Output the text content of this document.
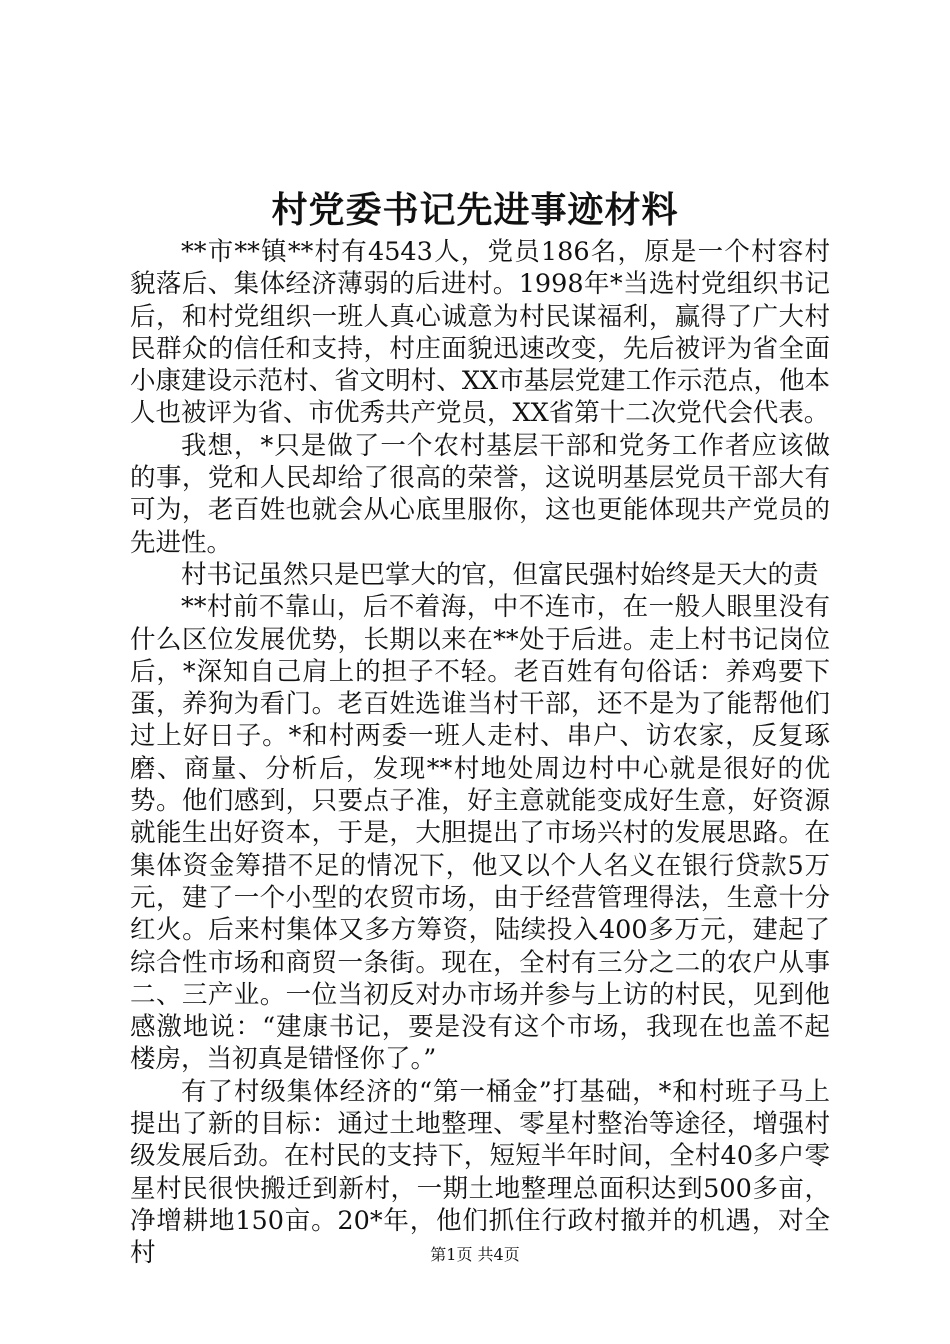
村党委书记先进事迹材料

**市**镇**村有4543人，党员186名，原是一个村容村貌落后、集体经济薄弱的后进村。1998年*当选村党组织书记后，和村党组织一班人真心诚意为村民谋福利，赢得了广大村民群众的信任和支持，村庄面貌迅速改变，先后被评为省全面小康建设示范村、省文明村、XX市基层党建工作示范点，他本人也被评为省、市优秀共产党员，XX省第十二次党代会代表。

我想，*只是做了一个农村基层干部和党务工作者应该做的事，党和人民却给了很高的荣誉，这说明基层党员干部大有可为，老百姓也就会从心底里服你，这也更能体现共产党员的先进性。

村书记虽然只是巴掌大的官，但富民强村始终是天大的责

**村前不靠山，后不着海，中不连市，在一般人眼里没有什么区位发展优势，长期以来在**处于后进。走上村书记岗位后，*深知自己肩上的担子不轻。老百姓有句俗话：养鸡要下蛋，养狗为看门。老百姓选谁当村干部，还不是为了能帮他们过上好日子。*和村两委一班人走村、串户、访农家，反复琢磨、商量、分析后，发现**村地处周边村中心就是很好的优势。他们感到，只要点子准，好主意就能变成好生意，好资源就能生出好资本，于是，大胆提出了市场兴村的发展思路。在集体资金筹措不足的情况下，他又以个人名义在银行贷款5万元，建了一个小型的农贸市场，由于经营管理得法，生意十分红火。后来村集体又多方筹资，陆续投入400多万元，建起了综合性市场和商贸一条街。现在，全村有三分之二的农户从事二、三产业。一位当初反对办市场并参与上访的村民，见到他感激地说：“建康书记，要是没有这个市场，我现在也盖不起楼房，当初真是错怪你了。”

有了村级集体经济的“第一桶金”打基础，*和村班子马上提出了新的目标：通过土地整理、零星村整治等途径，增强村级发展后劲。在村民的支持下，短短半年时间，全村40多户零星村民很快搬迁到新村，一期土地整理总面积达到500多亩，净增耕地150亩。20*年，他们抓住行政村撤并的机遇，对全村	第1页 共4页
